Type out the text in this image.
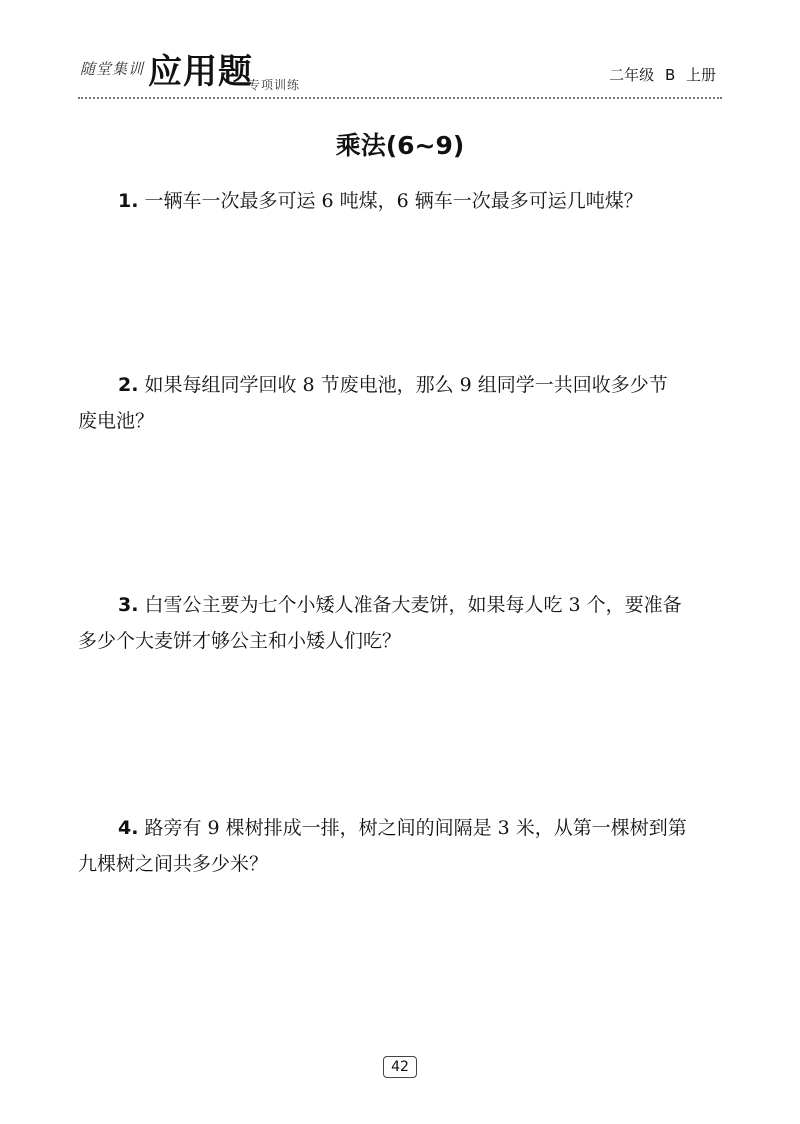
随堂集训 应用题
专项训练
二年级 B 上册
乘法(6~9)
1. 一辆车一次最多可运 6 吨煤，6 辆车一次最多可运几吨煤？
2. 如果每组同学回收 8 节废电池，那么 9 组同学一共回收多少节
废电池？
3. 白雪公主要为七个小矮人准备大麦饼，如果每人吃 3 个，要准备
多少个大麦饼才够公主和小矮人们吃？
4. 路旁有 9 棵树排成一排，树之间的间隔是 3 米，从第一棵树到第
九棵树之间共多少米？
42
